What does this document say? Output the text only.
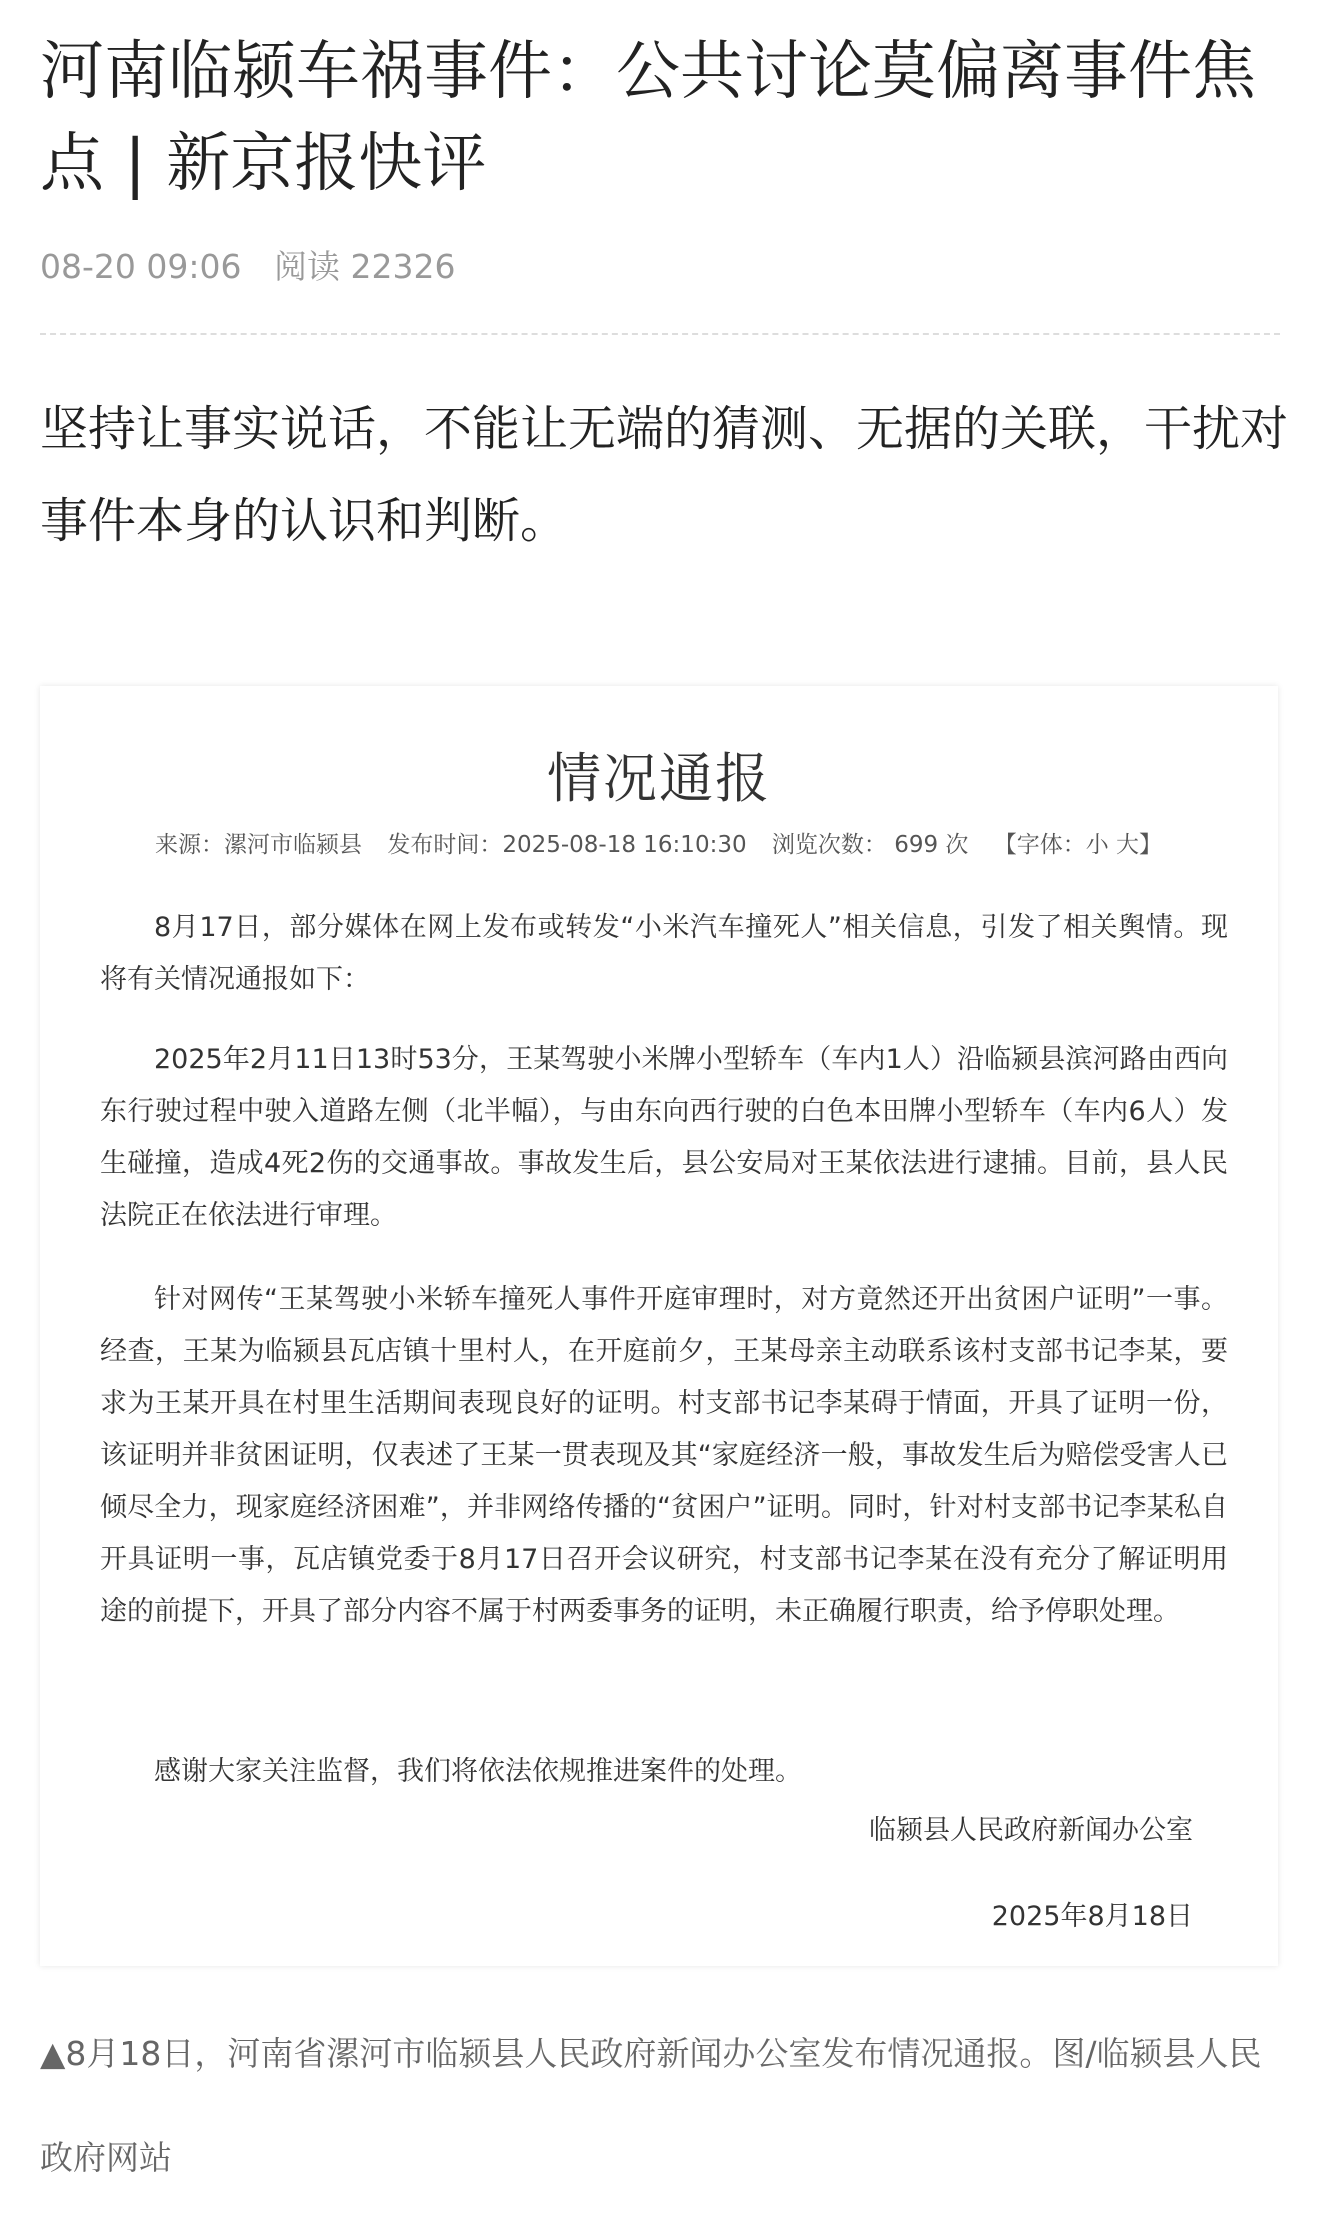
河南临颍车祸事件：公共讨论莫偏离事件焦点 | 新京报快评
08-20 09:06 阅读 22326

坚持让事实说话，不能让无端的猜测、无据的关联，干扰对事件本身的认识和判断。

情况通报
来源：漯河市临颍县 发布时间：2025-08-18 16:10:30 浏览次数： 699 次 【字体：小 大】

8月17日，部分媒体在网上发布或转发“小米汽车撞死人”相关信息，引发了相关舆情。现将有关情况通报如下：

2025年2月11日13时53分，王某驾驶小米牌小型轿车（车内1人）沿临颍县滨河路由西向东行驶过程中驶入道路左侧（北半幅），与由东向西行驶的白色本田牌小型轿车（车内6人）发生碰撞，造成4死2伤的交通事故。事故发生后，县公安局对王某依法进行逮捕。目前，县人民法院正在依法进行审理。

针对网传“王某驾驶小米轿车撞死人事件开庭审理时，对方竟然还开出贫困户证明”一事。经查，王某为临颍县瓦店镇十里村人，在开庭前夕，王某母亲主动联系该村支部书记李某，要求为王某开具在村里生活期间表现良好的证明。村支部书记李某碍于情面，开具了证明一份，该证明并非贫困证明，仅表述了王某一贯表现及其“家庭经济一般，事故发生后为赔偿受害人已倾尽全力，现家庭经济困难”，并非网络传播的“贫困户”证明。同时，针对村支部书记李某私自开具证明一事，瓦店镇党委于8月17日召开会议研究，村支部书记李某在没有充分了解证明用途的前提下，开具了部分内容不属于村两委事务的证明，未正确履行职责，给予停职处理。

感谢大家关注监督，我们将依法依规推进案件的处理。

临颍县人民政府新闻办公室
2025年8月18日

▲8月18日，河南省漯河市临颍县人民政府新闻办公室发布情况通报。图/临颍县人民政府网站
